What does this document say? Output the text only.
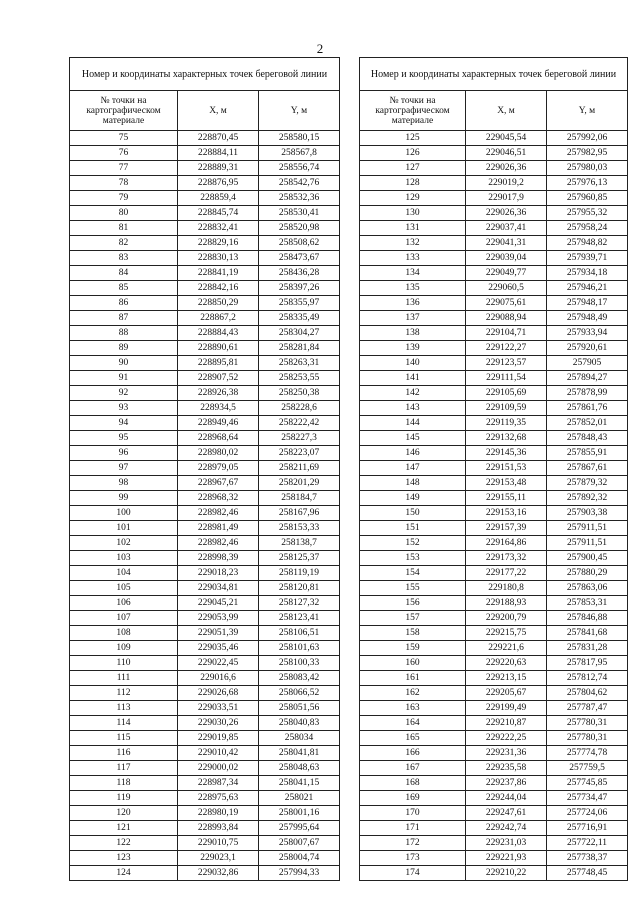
2
Номер и координаты характерных точек береговой линии		
№ точки на картографическом материале	X, м	Y, м
75	228870,45	258580,15
76	228884,11	258567,8
77	228889,31	258556,74
78	228876,95	258542,76
79	228859,4	258532,36
80	228845,74	258530,41
81	228832,41	258520,98
82	228829,16	258508,62
83	228830,13	258473,67
84	228841,19	258436,28
85	228842,16	258397,26
86	228850,29	258355,97
87	228867,2	258335,49
88	228884,43	258304,27
89	228890,61	258281,84
90	228895,81	258263,31
91	228907,52	258253,55
92	228926,38	258250,38
93	228934,5	258228,6
94	228949,46	258222,42
95	228968,64	258227,3
96	228980,02	258223,07
97	228979,05	258211,69
98	228967,67	258201,29
99	228968,32	258184,7
100	228982,46	258167,96
101	228981,49	258153,33
102	228982,46	258138,7
103	228998,39	258125,37
104	229018,23	258119,19
105	229034,81	258120,81
106	229045,21	258127,32
107	229053,99	258123,41
108	229051,39	258106,51
109	229035,46	258101,63
110	229022,45	258100,33
111	229016,6	258083,42
112	229026,68	258066,52
113	229033,51	258051,56
114	229030,26	258040,83
115	229019,85	258034
116	229010,42	258041,81
117	229000,02	258048,63
118	228987,34	258041,15
119	228975,63	258021
120	228980,19	258001,16
121	228993,84	257995,64
122	229010,75	258007,67
123	229023,1	258004,74
124	229032,86	257994,33
Номер и координаты характерных точек береговой линии		
№ точки на картографическом материале	X, м	Y, м
125	229045,54	257992,06
126	229046,51	257982,95
127	229026,36	257980,03
128	229019,2	257976,13
129	229017,9	257960,85
130	229026,36	257955,32
131	229037,41	257958,24
132	229041,31	257948,82
133	229039,04	257939,71
134	229049,77	257934,18
135	229060,5	257946,21
136	229075,61	257948,17
137	229088,94	257948,49
138	229104,71	257933,94
139	229122,27	257920,61
140	229123,57	257905
141	229111,54	257894,27
142	229105,69	257878,99
143	229109,59	257861,76
144	229119,35	257852,01
145	229132,68	257848,43
146	229145,36	257855,91
147	229151,53	257867,61
148	229153,48	257879,32
149	229155,11	257892,32
150	229153,16	257903,38
151	229157,39	257911,51
152	229164,86	257911,51
153	229173,32	257900,45
154	229177,22	257880,29
155	229180,8	257863,06
156	229188,93	257853,31
157	229200,79	257846,88
158	229215,75	257841,68
159	229221,6	257831,28
160	229220,63	257817,95
161	229213,15	257812,74
162	229205,67	257804,62
163	229199,49	257787,47
164	229210,87	257780,31
165	229222,25	257780,31
166	229231,36	257774,78
167	229235,58	257759,5
168	229237,86	257745,85
169	229244,04	257734,47
170	229247,61	257724,06
171	229242,74	257716,91
172	229231,03	257722,11
173	229221,93	257738,37
174	229210,22	257748,45
